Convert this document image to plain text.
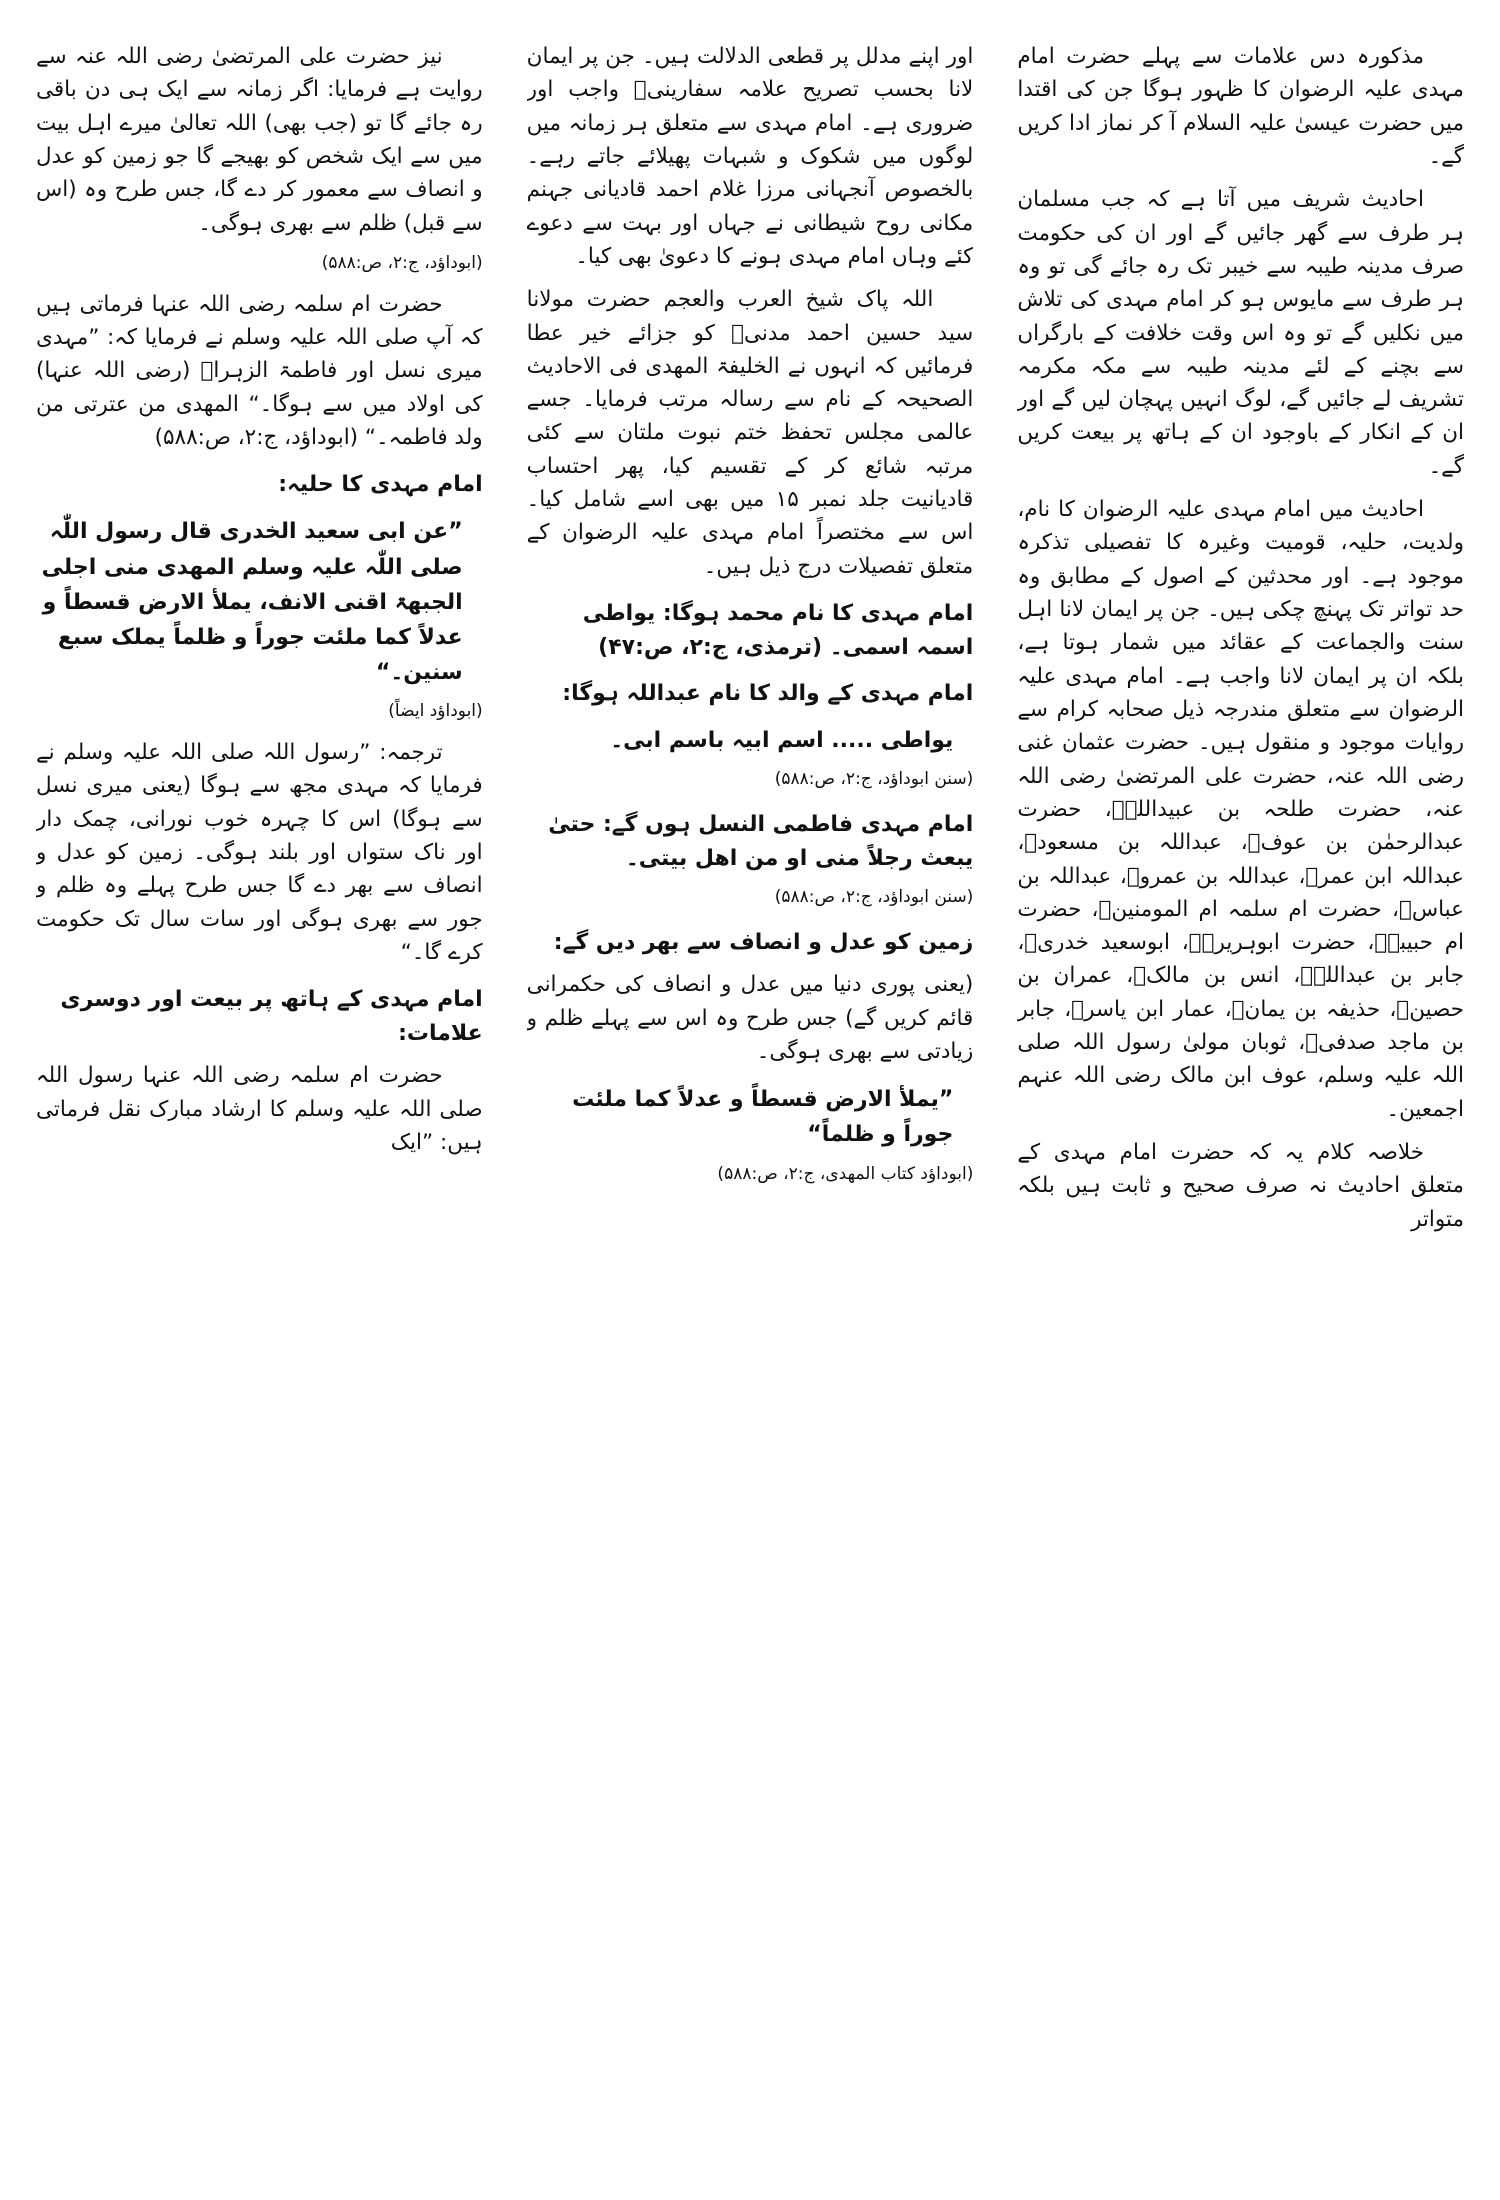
مذکورہ دس علامات سے پہلے حضرت امام مہدی علیہ الرضوان کا ظہور ہوگا جن کی اقتدا میں حضرت عیسیٰ علیہ السلام آ کر نماز ادا کریں گے۔
احادیث شریف میں آتا ہے کہ جب مسلمان ہر طرف سے گھر جائیں گے اور ان کی حکومت صرف مدینہ طیبہ سے خیبر تک رہ جائے گی تو وہ ہر طرف سے مایوس ہو کر امام مہدی کی تلاش میں نکلیں گے تو وہ اس وقت خلافت کے بارگراں سے بچنے کے لئے مدینہ طیبہ سے مکہ مکرمہ تشریف لے جائیں گے، لوگ انہیں پہچان لیں گے اور ان کے انکار کے باوجود ان کے ہاتھ پر بیعت کریں گے۔
احادیث میں امام مہدی علیہ الرضوان کا نام، ولدیت، حلیہ، قومیت وغیرہ کا تفصیلی تذکرہ موجود ہے۔ اور محدثین کے اصول کے مطابق وہ حد تواتر تک پہنچ چکی ہیں۔ جن پر ایمان لانا اہل سنت والجماعت کے عقائد میں شمار ہوتا ہے، بلکہ ان پر ایمان لانا واجب ہے۔ امام مہدی علیہ الرضوان سے متعلق مندرجہ ذیل صحابہ کرام سے روایات موجود و منقول ہیں۔ حضرت عثمان غنی رضی اللہ عنہ، حضرت علی المرتضیٰ رضی اللہ عنہ، حضرت طلحہ بن عبیداللہؓ، حضرت عبدالرحمٰن بن عوفؓ، عبداللہ بن مسعودؓ، عبداللہ ابن عمرؓ، عبداللہ بن عمروؓ، عبداللہ بن عباسؓ، حضرت ام سلمہ ام المومنینؓ، حضرت ام حبیبہؓ، حضرت ابوہریرہؓ، ابوسعید خدریؓ، جابر بن عبداللہؓ، انس بن مالکؓ، عمران بن حصینؓ، حذیفہ بن یمانؓ، عمار ابن یاسرؓ، جابر بن ماجد صدفیؓ، ثوبان مولیٰ رسول اللہ صلی اللہ علیہ وسلم، عوف ابن مالک رضی اللہ عنہم اجمعین۔
خلاصہ کلام یہ کہ حضرت امام مہدی کے متعلق احادیث نہ صرف صحیح و ثابت ہیں بلکہ متواتر
اور اپنے مدلل پر قطعی الدلالت ہیں۔ جن پر ایمان لانا بحسب تصریح علامہ سفارینیؒ واجب اور ضروری ہے۔ امام مہدی سے متعلق ہر زمانہ میں لوگوں میں شکوک و شبہات پھیلائے جاتے رہے۔ بالخصوص آنجہانی مرزا غلام احمد قادیانی جہنم مکانی روح شیطانی نے جہاں اور بہت سے دعوے کئے وہاں امام مہدی ہونے کا دعویٰ بھی کیا۔
اللہ پاک شیخ العرب والعجم حضرت مولانا سید حسین احمد مدنیؒ کو جزائے خیر عطا فرمائیں کہ انہوں نے الخلیفۃ المھدی فی الاحادیث الصحیحہ کے نام سے رسالہ مرتب فرمایا۔ جسے عالمی مجلس تحفظ ختم نبوت ملتان سے کئی مرتبہ شائع کر کے تقسیم کیا، پھر احتساب قادیانیت جلد نمبر ۱۵ میں بھی اسے شامل کیا۔ اس سے مختصراً امام مہدی علیہ الرضوان کے متعلق تفصیلات درج ذیل ہیں۔
امام مہدی کا نام محمد ہوگا: یواطی اسمہ اسمی۔ (ترمذی، ج:۲، ص:۴۷)
امام مہدی کے والد کا نام عبداللہ ہوگا:
یواطی ..... اسم ابیہ باسم ابی۔
(سنن ابوداؤد، ج:۲، ص:۵۸۸)
امام مہدی فاطمی النسل ہوں گے: حتیٰ یبعث رجلاً منی او من اھل بیتی۔
(سنن ابوداؤد، ج:۲، ص:۵۸۸)
زمین کو عدل و انصاف سے بھر دیں گے:
(یعنی پوری دنیا میں عدل و انصاف کی حکمرانی قائم کریں گے) جس طرح وہ اس سے پہلے ظلم و زیادتی سے بھری ہوگی۔
”یملأ الارض قسطاً و عدلاً کما ملئت جوراً و ظلماً“
(ابوداؤد کتاب المھدی، ج:۲، ص:۵۸۸)
نیز حضرت علی المرتضیٰ رضی اللہ عنہ سے روایت ہے فرمایا: اگر زمانہ سے ایک ہی دن باقی رہ جائے گا تو (جب بھی) اللہ تعالیٰ میرے اہل بیت میں سے ایک شخص کو بھیجے گا جو زمین کو عدل و انصاف سے معمور کر دے گا، جس طرح وہ (اس سے قبل) ظلم سے بھری ہوگی۔
(ابوداؤد، ج:۲، ص:۵۸۸)
حضرت ام سلمہ رضی اللہ عنہا فرماتی ہیں کہ آپ صلی اللہ علیہ وسلم نے فرمایا کہ: ”مہدی میری نسل اور فاطمۃ الزہراؓ (رضی اللہ عنہا) کی اولاد میں سے ہوگا۔“ المھدی من عترتی من ولد فاطمہ۔“ (ابوداؤد، ج:۲، ص:۵۸۸)
امام مہدی کا حلیہ:
”عن ابی سعید الخدری قال رسول اللّٰہ صلی اللّٰہ علیہ وسلم المھدی منی اجلی الجبھۃ اقنی الانف، یملأ الارض قسطاً و عدلاً کما ملئت جوراً و ظلماً یملک سبع سنین۔“
(ابوداؤد ایضاً)
ترجمہ: ”رسول اللہ صلی اللہ علیہ وسلم نے فرمایا کہ مہدی مجھ سے ہوگا (یعنی میری نسل سے ہوگا) اس کا چہرہ خوب نورانی، چمک دار اور ناک ستواں اور بلند ہوگی۔ زمین کو عدل و انصاف سے بھر دے گا جس طرح پہلے وہ ظلم و جور سے بھری ہوگی اور سات سال تک حکومت کرے گا۔“
امام مہدی کے ہاتھ پر بیعت اور دوسری علامات:
حضرت ام سلمہ رضی اللہ عنہا رسول اللہ صلی اللہ علیہ وسلم کا ارشاد مبارک نقل فرماتی ہیں: ”ایک
